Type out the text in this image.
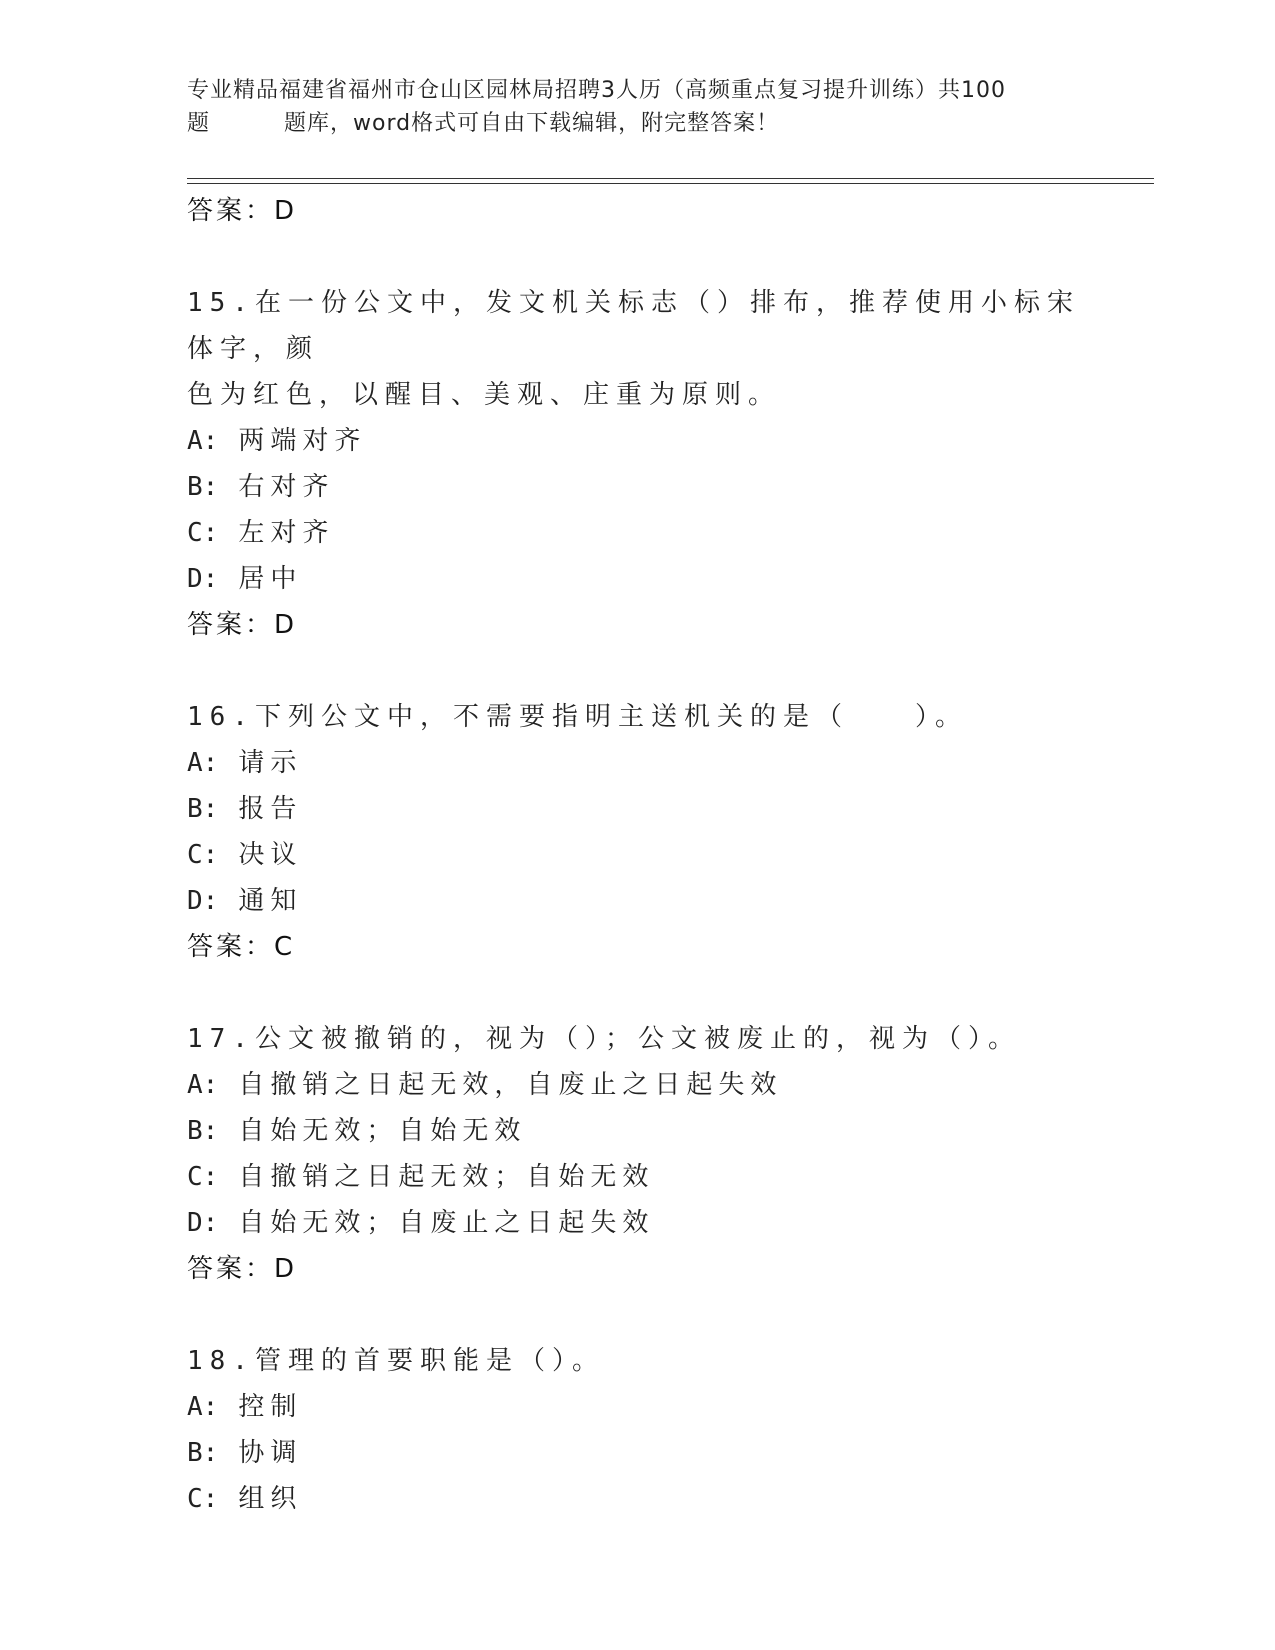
专业精品福建省福州市仓山区园林局招聘3人历（高频重点复习提升训练）共100

题	题库，word格式可自由下载编辑，附完整答案！
答案：D
15.在一份公文中，发文机关标志（）排布，推荐使用小标宋体字，颜
色为红色，以醒目、美观、庄重为原则。
A: 两端对齐
B: 右对齐
C: 左对齐
D: 居中
答案：D
16.下列公文中，不需要指明主送机关的是（　　）。
A: 请示
B: 报告
C: 决议
D: 通知
答案：C
17.公文被撤销的，视为（）；公文被废止的，视为（）。
A: 自撤销之日起无效，自废止之日起失效
B: 自始无效；自始无效
C: 自撤销之日起无效；自始无效
D: 自始无效；自废止之日起失效
答案：D
18.管理的首要职能是（）。
A: 控制
B: 协调
C: 组织
